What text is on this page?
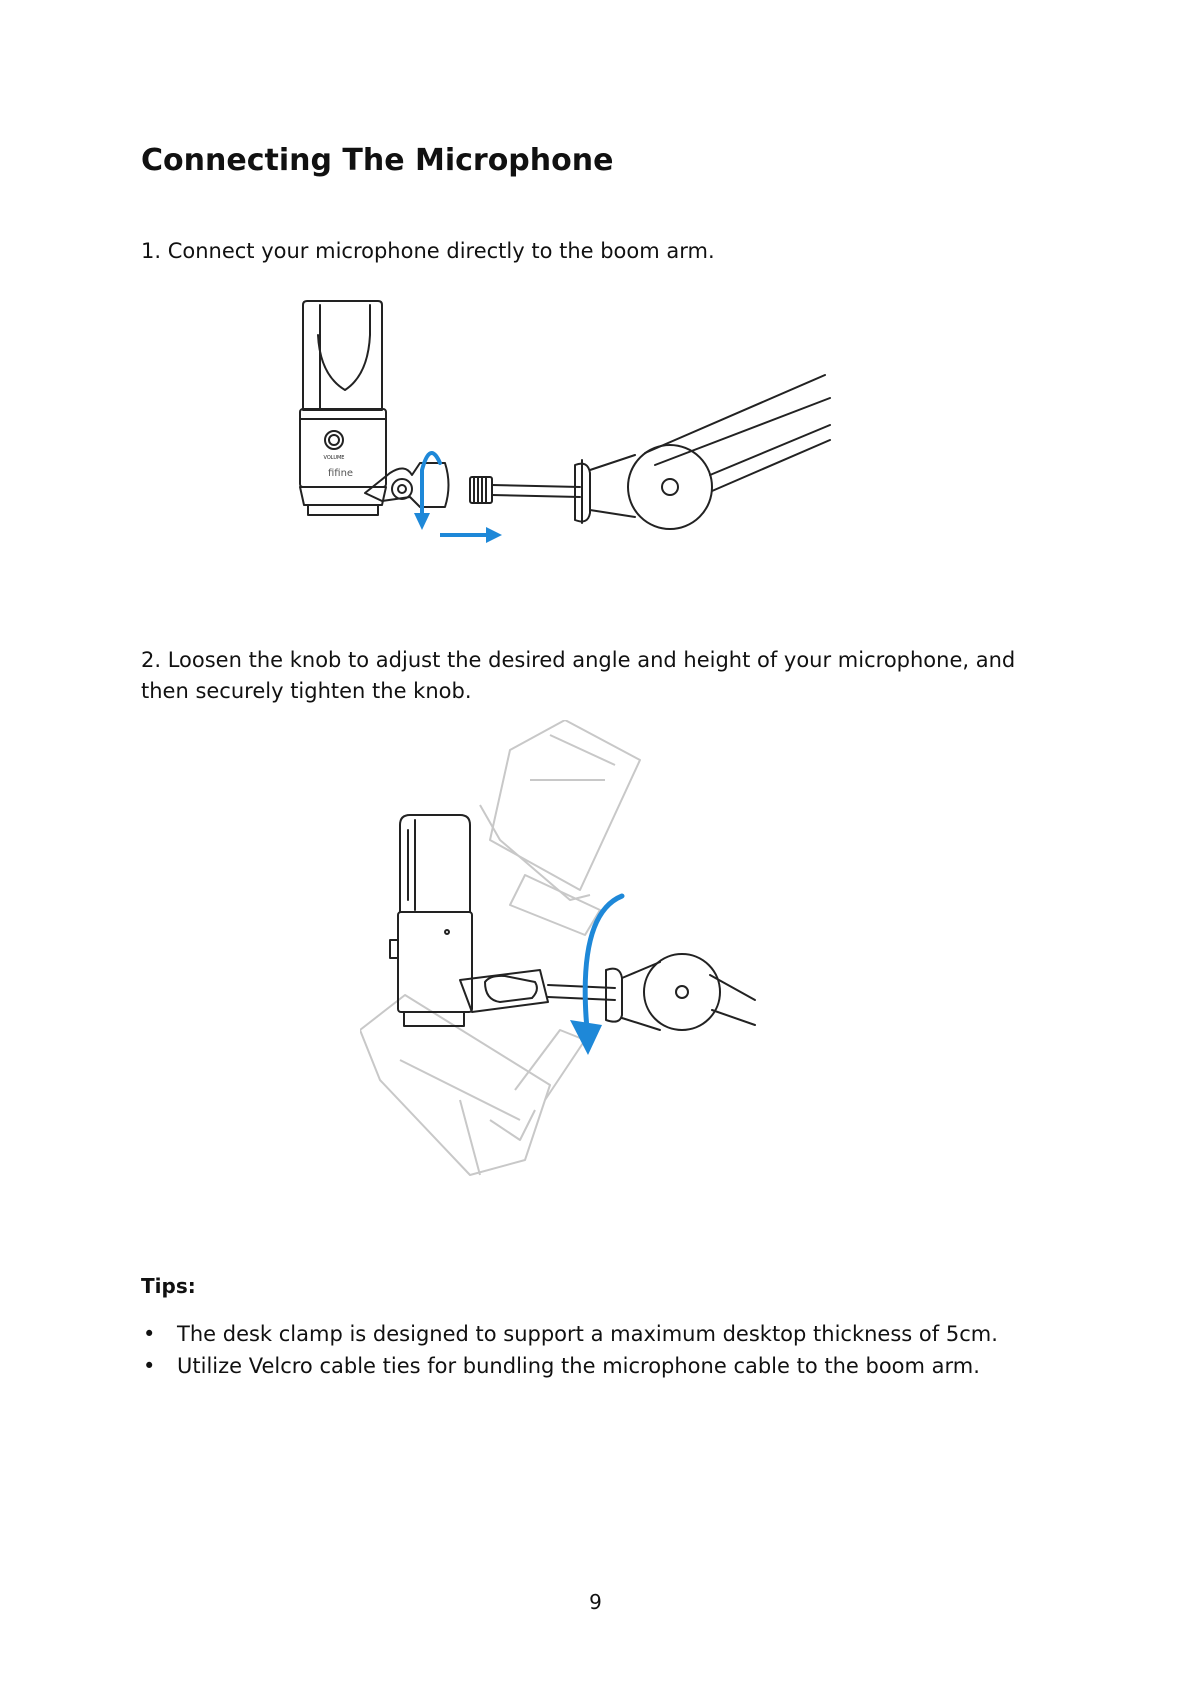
Connecting The Microphone

1. Connect your microphone directly to the boom arm.

VOLUME
fifine

2. Loosen the knob to adjust the desired angle and height of your microphone, and then securely tighten the knob.

Tips:
• The desk clamp is designed to support a maximum desktop thickness of 5cm.
• Utilize Velcro cable ties for bundling the microphone cable to the boom arm.
9
